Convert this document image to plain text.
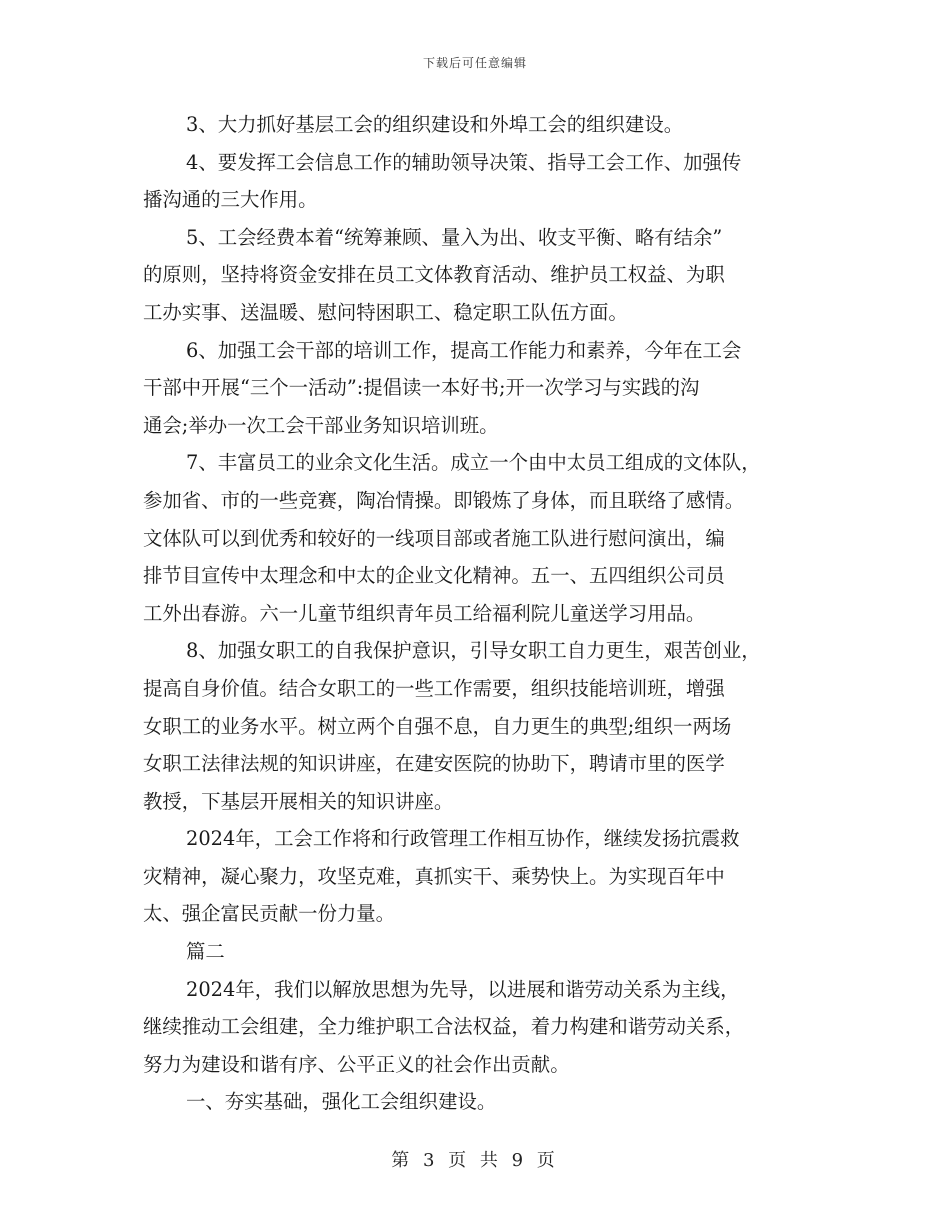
下载后可任意编辑

3、大力抓好基层工会的组织建设和外埠工会的组织建设。

4、要发挥工会信息工作的辅助领导决策、指导工会工作、加强传
播沟通的三大作用。

5、工会经费本着“统筹兼顾、量入为出、收支平衡、略有结余”
的原则，坚持将资金安排在员工文体教育活动、维护员工权益、为职
工办实事、送温暖、慰问特困职工、稳定职工队伍方面。

6、加强工会干部的培训工作，提高工作能力和素养，今年在工会
干部中开展“三个一活动”:提倡读一本好书;开一次学习与实践的沟
通会;举办一次工会干部业务知识培训班。

7、丰富员工的业余文化生活。成立一个由中太员工组成的文体队，
参加省、市的一些竞赛，陶冶情操。即锻炼了身体，而且联络了感情。
文体队可以到优秀和较好的一线项目部或者施工队进行慰问演出，编
排节目宣传中太理念和中太的企业文化精神。五一、五四组织公司员
工外出春游。六一儿童节组织青年员工给福利院儿童送学习用品。

8、加强女职工的自我保护意识，引导女职工自力更生，艰苦创业，
提高自身价值。结合女职工的一些工作需要，组织技能培训班，增强
女职工的业务水平。树立两个自强不息，自力更生的典型;组织一两场
女职工法律法规的知识讲座，在建安医院的协助下，聘请市里的医学
教授，下基层开展相关的知识讲座。

2024年，工会工作将和行政管理工作相互协作，继续发扬抗震救
灾精神，凝心聚力，攻坚克难，真抓实干、乘势快上。为实现百年中
太、强企富民贡献一份力量。

篇二

2024年，我们以解放思想为先导，以进展和谐劳动关系为主线，
继续推动工会组建，全力维护职工合法权益，着力构建和谐劳动关系，
努力为建设和谐有序、公平正义的社会作出贡献。

一、夯实基础，强化工会组织建设。

第 3 页 共 9 页
